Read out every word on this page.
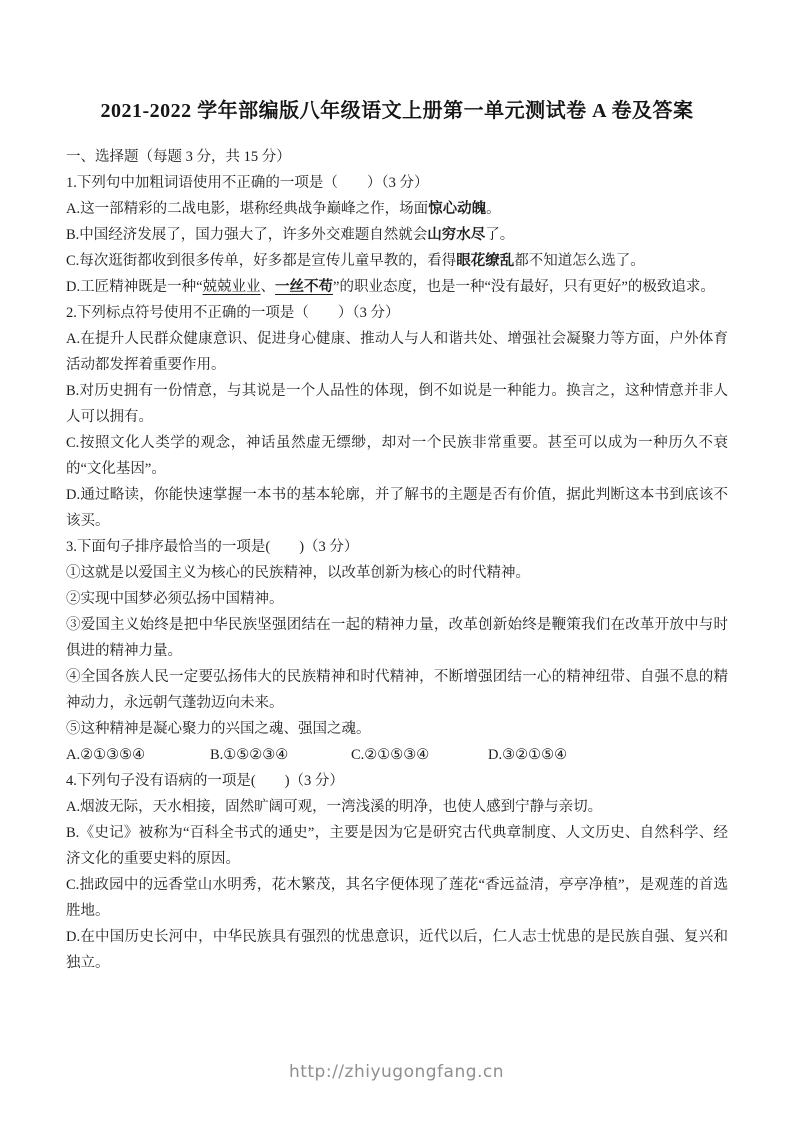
2021-2022 学年部编版八年级语文上册第一单元测试卷 A 卷及答案

一、选择题（每题 3 分，共 15 分）

1.下列句中加粗词语使用不正确的一项是（　　）（3 分）

A.这一部精彩的二战电影，堪称经典战争巅峰之作，场面惊心动魄。

B.中国经济发展了，国力强大了，许多外交难题自然就会山穷水尽了。

C.每次逛街都收到很多传单，好多都是宣传儿童早教的，看得眼花缭乱都不知道怎么选了。

D.工匠精神既是一种“兢兢业业、一丝不苟”的职业态度，也是一种“没有最好，只有更好”的极致追求。

2.下列标点符号使用不正确的一项是（　　）（3 分）

A.在提升人民群众健康意识、促进身心健康、推动人与人和谐共处、增强社会凝聚力等方面，户外体育活动都发挥着重要作用。

B.对历史拥有一份情意，与其说是一个人品性的体现，倒不如说是一种能力。换言之，这种情意并非人人可以拥有。

C.按照文化人类学的观念，神话虽然虚无缥缈，却对一个民族非常重要。甚至可以成为一种历久不衰的“文化基因”。

D.通过略读，你能快速掌握一本书的基本轮廓，并了解书的主题是否有价值，据此判断这本书到底该不该买。

3.下面句子排序最恰当的一项是(　　)（3 分）

①这就是以爱国主义为核心的民族精神，以改革创新为核心的时代精神。

②实现中国梦必须弘扬中国精神。

③爱国主义始终是把中华民族坚强团结在一起的精神力量，改革创新始终是鞭策我们在改革开放中与时俱进的精神力量。

④全国各族人民一定要弘扬伟大的民族精神和时代精神，不断增强团结一心的精神纽带、自强不息的精神动力，永远朝气蓬勃迈向未来。

⑤这种精神是凝心聚力的兴国之魂、强国之魂。

A.②①③⑤④	B.①⑤②③④	C.②①⑤③④	D.③②①⑤④

4.下列句子没有语病的一项是(　　)（3 分）

A.烟波无际，天水相接，固然旷阔可观，一湾浅溪的明净，也使人感到宁静与亲切。

B.《史记》被称为“百科全书式的通史”，主要是因为它是研究古代典章制度、人文历史、自然科学、经济文化的重要史料的原因。

C.拙政园中的远香堂山水明秀，花木繁茂，其名字便体现了莲花“香远益清，亭亭净植”，是观莲的首选胜地。

D.在中国历史长河中，中华民族具有强烈的忧患意识，近代以后，仁人志士忧患的是民族自强、复兴和独立。

http://zhiyugongfang.cn
